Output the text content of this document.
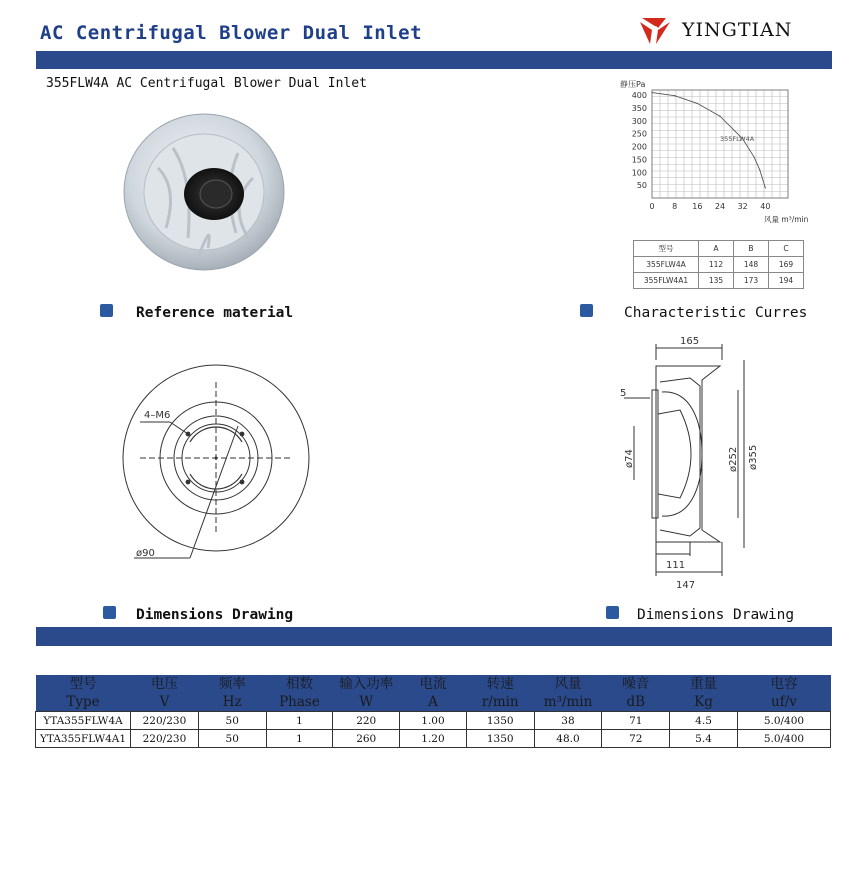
AC Centrifugal Blower Dual Inlet	YINGTIAN
355FLW4A AC Centrifugal Blower Dual Inlet
50
100
150
200
250
300
350
400
0 8 16 24 32 40
静压Pa
风量 m³/min
355FLW4A
型号	A	B	C
355FLW4A	112	148	169
355FLW4A1	135	173	194
Reference material	Characteristic Curres
4–M6
ø90
165
5
ø74	ø252 ø355
111
147
Dimensions Drawing	Dimensions Drawing
型号	电压	频率	相数	输入功率	电流	转速	风量	噪音	重量	电容
Type	V	Hz	Phase	W	A	r/min	m³/min	dB	Kg	uf/v
YTA355FLW4A	220/230	50	1	220	1.00	1350	38	71	4.5	5.0/400
YTA355FLW4A1	220/230	50	1	260	1.20	1350	48.0	72	5.4	5.0/400
